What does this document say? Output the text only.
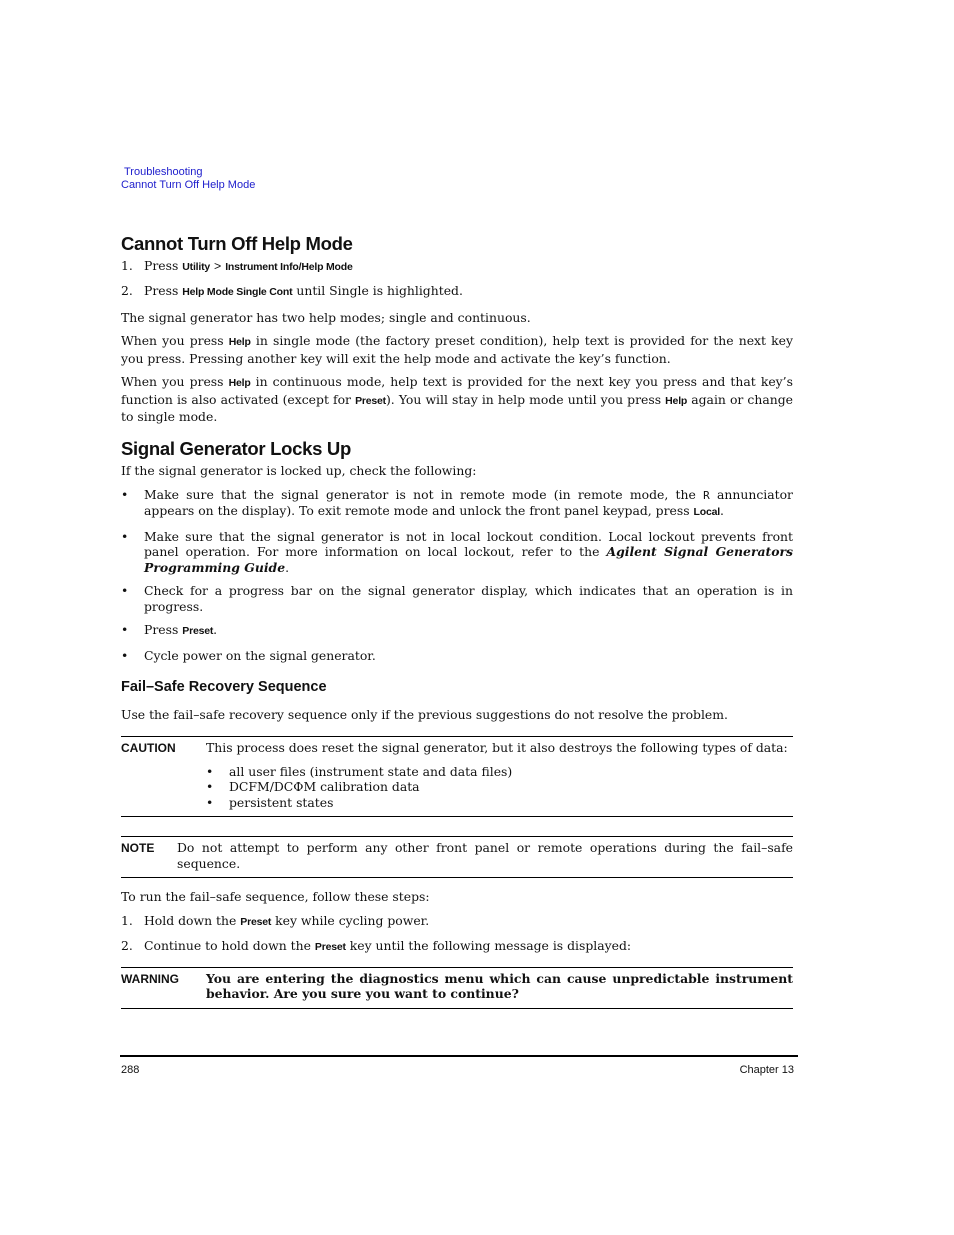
Troubleshooting
Cannot Turn Off Help Mode
Cannot Turn Off Help Mode
1. Press Utility > Instrument Info/Help Mode
2. Press Help Mode Single Cont until Single is highlighted.

The signal generator has two help modes; single and continuous.

When you press Help in single mode (the factory preset condition), help text is provided for the next key you press. Pressing another key will exit the help mode and activate the key’s function.

When you press Help in continuous mode, help text is provided for the next key you press and that key’s function is also activated (except for Preset). You will stay in help mode until you press Help again or change to single mode.

Signal Generator Locks Up

If the signal generator is locked up, check the following:

•	Make sure that the signal generator is not in remote mode (in remote mode, the R annunciator appears on the display). To exit remote mode and unlock the front panel keypad, press Local.
•	Make sure that the signal generator is not in local lockout condition. Local lockout prevents front panel operation. For more information on local lockout, refer to the Agilent Signal Generators Programming Guide.
•	Check for a progress bar on the signal generator display, which indicates that an operation is in progress.
•	Press Preset.
•	Cycle power on the signal generator.
Fail–Safe Recovery Sequence

Use the fail–safe recovery sequence only if the previous suggestions do not resolve the problem.

CAUTION	This process does reset the signal generator, but it also destroys the following types of data:
•	all user files (instrument state and data files)
•	DCFM/DCΦM calibration data
•	persistent states
NOTE	Do not attempt to perform any other front panel or remote operations during the fail–safe sequence.

To run the fail–safe sequence, follow these steps:

1. Hold down the Preset key while cycling power.
2. Continue to hold down the Preset key until the following message is displayed:
WARNING	You are entering the diagnostics menu which can cause unpredictable instrument behavior. Are you sure you want to continue?
288	Chapter 13
